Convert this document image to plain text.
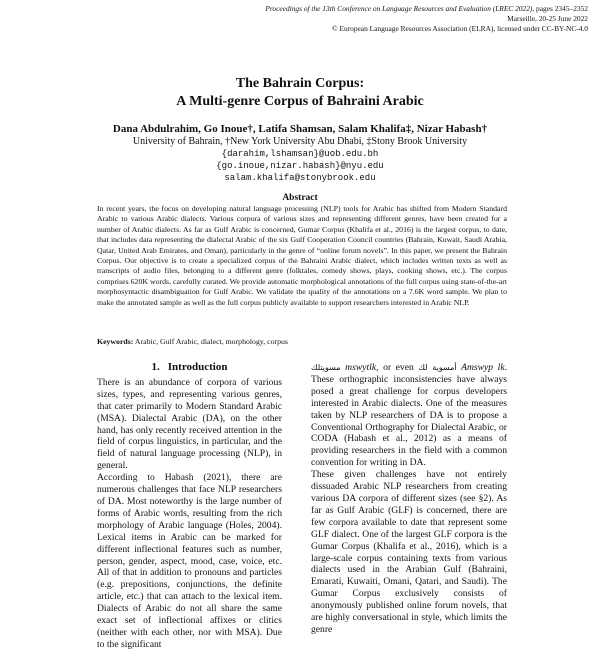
Proceedings of the 13th Conference on Language Resources and Evaluation (LREC 2022), pages 2345–2352
Marseille, 20-25 June 2022
© European Language Resources Association (ELRA), licensed under CC-BY-NC-4.0
The Bahrain Corpus:
A Multi-genre Corpus of Bahraini Arabic
Dana Abdulrahim, Go Inoue†, Latifa Shamsan, Salam Khalifa‡, Nizar Habash†
University of Bahrain, †New York University Abu Dhabi, ‡Stony Brook University
{darahim,lshamsan}@uob.edu.bh
{go.inoue,nizar.habash}@nyu.edu
salam.khalifa@stonybrook.edu
Abstract
In recent years, the focus on developing natural language processing (NLP) tools for Arabic has shifted from Modern Standard Arabic to various Arabic dialects. Various corpora of various sizes and representing different genres, have been created for a number of Arabic dialects. As far as Gulf Arabic is concerned, Gumar Corpus (Khalifa et al., 2016) is the largest corpus, to date, that includes data representing the dialectal Arabic of the six Gulf Cooperation Council countries (Bahrain, Kuwait, Saudi Arabia, Qatar, United Arab Emirates, and Oman), particularly in the genre of “online forum novels”. In this paper, we present the Bahrain Corpus. Our objective is to create a specialized corpus of the Bahraini Arabic dialect, which includes written texts as well as transcripts of audio files, belonging to a different genre (folktales, comedy shows, plays, cooking shows, etc.). The corpus comprises 620K words, carefully curated. We provide automatic morphological annotations of the full corpus using state-of-the-art morphosyntactic disambiguation for Gulf Arabic. We validate the quality of the annotations on a 7.6K word sample. We plan to make the annotated sample as well as the full corpus publicly available to support researchers interested in Arabic NLP.
Keywords: Arabic, Gulf Arabic, dialect, morphology, corpus
1. Introduction

There is an abundance of corpora of various sizes, types, and representing various genres, that cater primarily to Modern Standard Arabic (MSA). Dialectal Arabic (DA), on the other hand, has only recently received attention in the field of corpus linguistics, in particular, and the field of natural language processing (NLP), in general.

According to Habash (2021), there are numerous challenges that face NLP researchers of DA. Most noteworthy is the large number of forms of Arabic words, resulting from the rich morphology of Arabic language (Holes, 2004). Lexical items in Arabic can be marked for different inflectional features such as number, person, gender, aspect, mood, case, voice, etc. All of that in addition to pronouns and particles (e.g. prepositions, conjunctions, the definite article, etc.) that can attach to the lexical item. Dialects of Arabic do not all share the same exact set of inflectional affixes or clitics (neither with each other, nor with MSA). Due to the significant

مسويتلك mswytlk, or even أمسوية لك Amswyp lk. These orthographic inconsistencies have always posed a great challenge for corpus developers interested in Arabic dialects. One of the measures taken by NLP researchers of DA is to propose a Conventional Orthography for Dialectal Arabic, or CODA (Habash et al., 2012) as a means of providing researchers in the field with a common convention for writing in DA.

These given challenges have not entirely dissuaded Arabic NLP researchers from creating various DA corpora of different sizes (see §2). As far as Gulf Arabic (GLF) is concerned, there are few corpora available to date that represent some GLF dialect. One of the largest GLF corpora is the Gumar Corpus (Khalifa et al., 2016), which is a large-scale corpus containing texts from various dialects used in the Arabian Gulf (Bahraini, Emarati, Kuwaiti, Omani, Qatari, and Saudi). The Gumar Corpus exclusively consists of anonymously published online forum novels, that are highly conversational in style, which limits the genre
